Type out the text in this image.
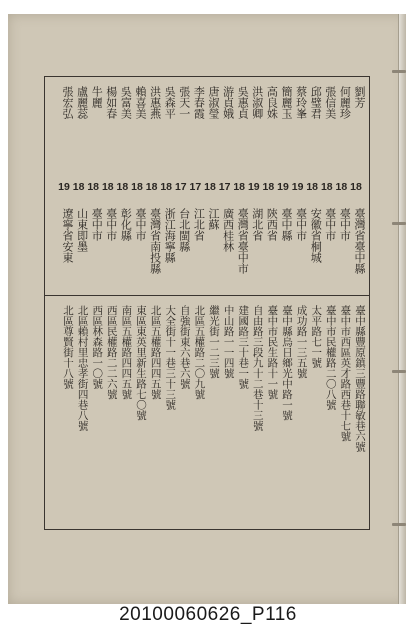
劉芳
18
臺灣省臺中縣
臺中縣豐原鎮三豐路聯敏巷六號
何麗珍
18
臺中市
臺中市西區英才路西巷十七號
張信美
18
臺中市
臺中市民權路二〇八號
邱璧君
18
安徽省桐城
太平路七一號
蔡玲峯
19
臺中市
成功路一三五號
簡麗玉
19
臺中縣
臺中縣烏日鄉光中路一號
高良姝
18
陝西省
臺中市民生路十一號
洪淑卿
19
湖北省
自由路三段九十二巷十三號
吳惠貞
18
臺灣省臺中市
建國路三十巷一號
游貞娥
17
廣西桂林
中山路一一四號
唐淑瑩
18
江蘇
繼光街一二三號
李春霞
17
江北省
北區五權路二〇九號
張天一
17
台北閩縣
自強街東六巷六號
吳森平
18
浙江海寧縣
大全街十一巷三十三號
洪惠燕
18
臺灣省南投縣
北區五權路四四五號
賴喜美
18
臺中市
東區東英里新生路七〇號
吳富美
18
彰化縣
南區五權路四四五號
楊如春
18
臺中市
西區民權路二二六號
牛麗
18
臺中市
西區林森路一〇號
盧麗蕊
18
山東即墨
北區賴村里忠孝街四巷八號
張宏弘
19
遼寧省安東
北區尊賢街十八號
20100060626_P116
